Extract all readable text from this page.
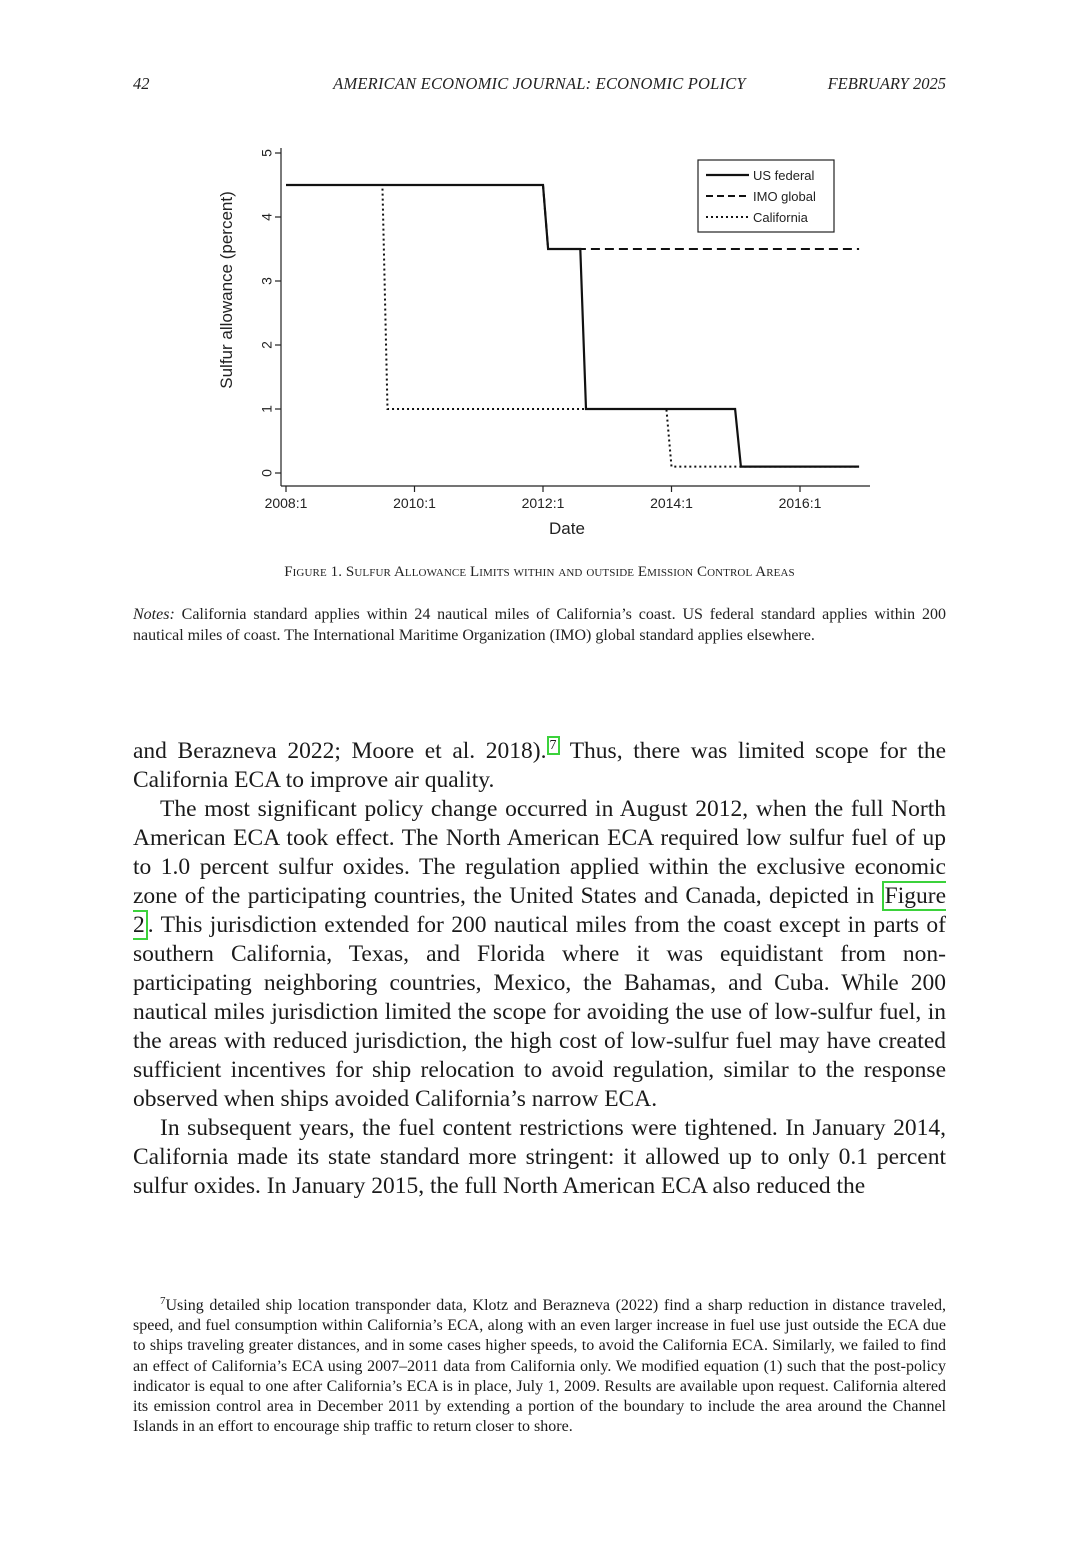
42	AMERICAN ECONOMIC JOURNAL: ECONOMIC POLICY	FEBRUARY 2025
0
1
2
3
4
5
2008:1	2010:1	2012:1	2014:1	2016:1
US federal
IMO global
California
Sulfur allowance (percent)
Date
Figure 1. Sulfur Allowance Limits within and outside Emission Control Areas
Notes: California standard applies within 24 nautical miles of California’s coast. US federal standard applies within 200 nautical miles of coast. The International Maritime Organization (IMO) global standard applies elsewhere.

and Berazneva 2022; Moore et al. 2018). $^7$ Thus, there was limited scope for the California ECA to improve air quality.

The most significant policy change occurred in August 2012, when the full North American ECA took effect. The North American ECA required low sulfur fuel of up to 1.0 percent sulfur oxides. The regulation applied within the exclusive economic zone of the participating countries, the United States and Canada, depicted in Figure 2 . This jurisdiction extended for 200 nautical miles from the coast except in parts of southern California, Texas, and Florida where it was equidistant from non-participating neighboring countries, Mexico, the Bahamas, and Cuba. While 200 nautical miles jurisdiction limited the scope for avoiding the use of low-sulfur fuel, in the areas with reduced jurisdiction, the high cost of low-sulfur fuel may have created sufficient incentives for ship relocation to avoid regulation, similar to the response observed when ships avoided California’s narrow ECA.

In subsequent years, the fuel content restrictions were tightened. In January 2014, California made its state standard more stringent: it allowed up to only 0.1 percent sulfur oxides. In January 2015, the full North American ECA also reduced the

$^7$Using detailed ship location transponder data, Klotz and Berazneva (2022) find a sharp reduction in distance traveled, speed, and fuel consumption within California’s ECA, along with an even larger increase in fuel use just outside the ECA due to ships traveling greater distances, and in some cases higher speeds, to avoid the California ECA. Similarly, we failed to find an effect of California’s ECA using 2007–2011 data from California only. We modified equation (1) such that the post-policy indicator is equal to one after California’s ECA is in place, July 1, 2009. Results are available upon request. California altered its emission control area in December 2011 by extending a portion of the boundary to include the area around the Channel Islands in an effort to encourage ship traffic to return closer to shore.
